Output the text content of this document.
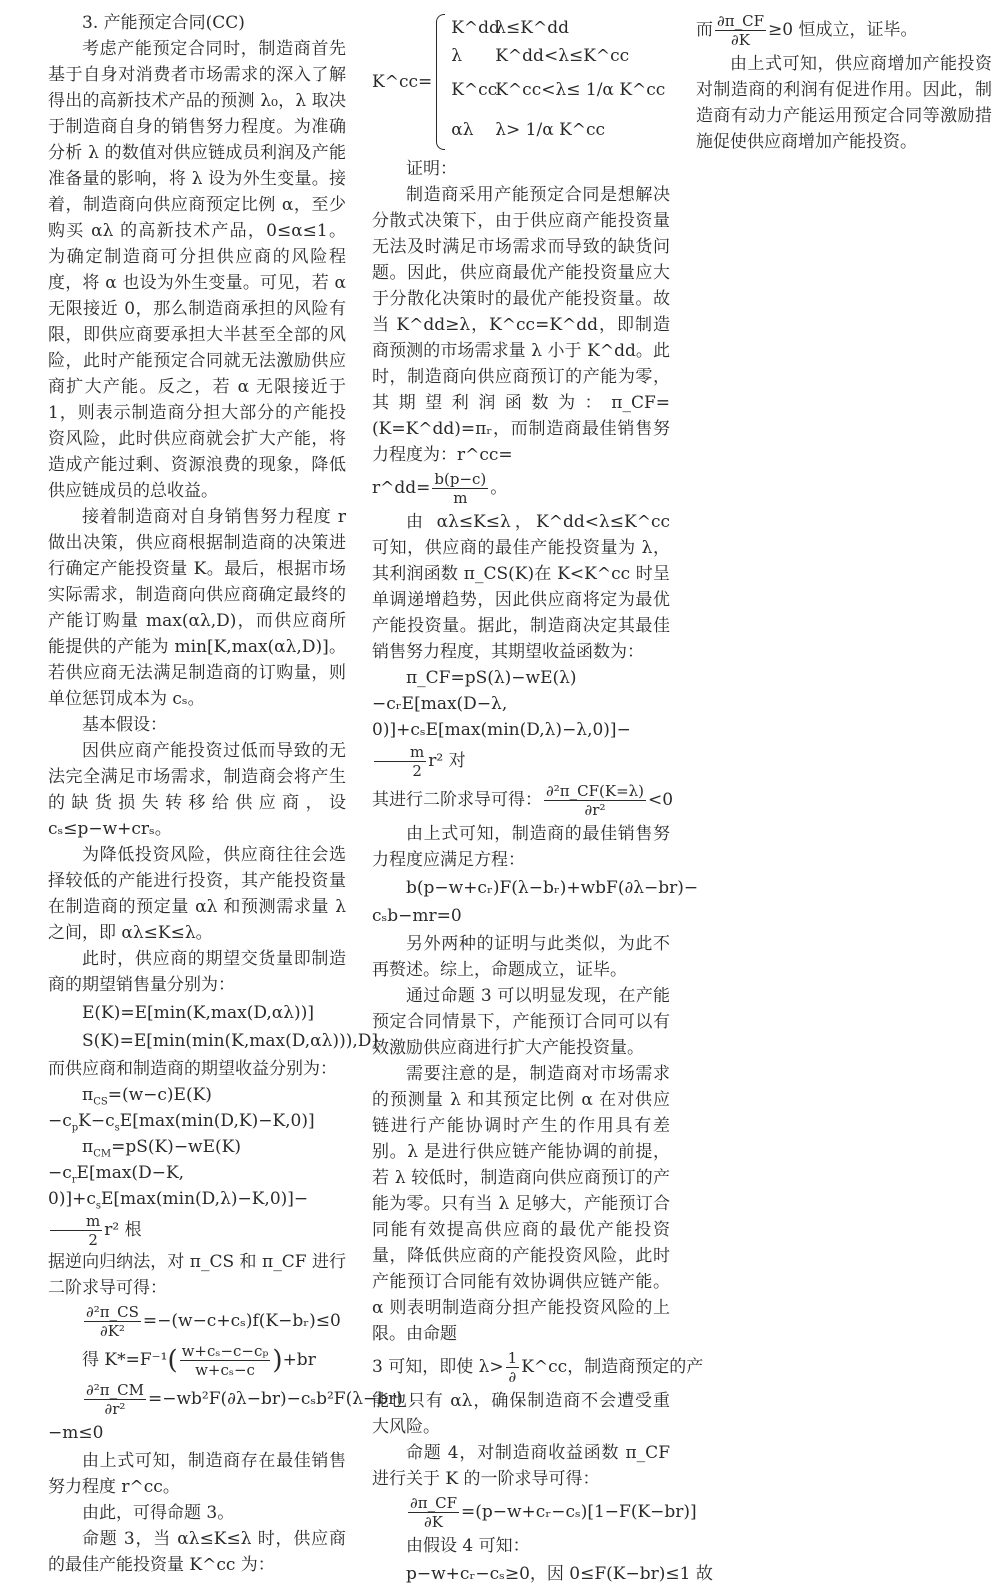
3. 产能预定合同(CC)

考虑产能预定合同时，制造商首先基于自身对消费者市场需求的深入了解得出的高新技术产品的预测 λ₀，λ 取决于制造商自身的销售努力程度。为准确分析 λ 的数值对供应链成员利润及产能准备量的影响，将 λ 设为外生变量。接着，制造商向供应商预定比例 α，至少购买 αλ 的高新技术产品，0≤α≤1。为确定制造商可分担供应商的风险程度，将 α 也设为外生变量。可见，若 α 无限接近 0，那么制造商承担的风险有限，即供应商要承担大半甚至全部的风险，此时产能预定合同就无法激励供应商扩大产能。反之，若 α 无限接近于 1，则表示制造商分担大部分的产能投资风险，此时供应商就会扩大产能，将造成产能过剩、资源浪费的现象，降低供应链成员的总收益。

接着制造商对自身销售努力程度 r 做出决策，供应商根据制造商的决策进行确定产能投资量 K。最后，根据市场实际需求，制造商向供应商确定最终的产能订购量 max(αλ,D)，而供应商所能提供的产能为 min[K,max(αλ,D)]。若供应商无法满足制造商的订购量，则单位惩罚成本为 cₛ。

基本假设：

因供应商产能投资过低而导致的无法完全满足市场需求，制造商会将产生的缺货损失转移给供应商，设 cₛ≤p−w+crₛ。

为降低投资风险，供应商往往会选择较低的产能进行投资，其产能投资量在制造商的预定量 αλ 和预测需求量 λ 之间，即 αλ≤K≤λ。

此时，供应商的期望交货量即制造商的期望销售量分别为：

E(K)=E[min(K,max(D,αλ))]

S(K)=E[min(min(K,max(D,αλ))),D]

而供应商和制造商的期望收益分别为：

$\pi_{CS}=(w-c)E(K)-c_pK-c_sE[\max(\min(D,K)-K,0)]$

$\pi_{CM}=pS(K)-wE(K)-c_rE[\max(D-K$,
$0)]+c_sE[\max(\min(D,\lambda)-K,0)]-$
$\frac{m}{2} r^2$ 根

据逆向归纳法，对 π_CS 和 π_CF 进行二阶求导可得：

$\frac{\text{∂²π\_CS}}{\text{∂K²}}$ =−(w−c+cₛ)f(K−bᵣ)≤0

得 $K*=F^{-1}( \frac{\text{w+cₛ−c−cₚ}}{\text{w+cₛ−c}} )+br$

$\frac{\text{∂²π\_CM}}{\text{∂r²}} =-wb^2F(\partial\lambda-br)-c_sb^2F(\lambda-br)$

−m≤0

由上式可知，制造商存在最佳销售努力程度 r^cc。

由此，可得命题 3。

命题 3，当 αλ≤K≤λ 时，供应商的最佳产能投资量 K^cc 为：

K^cc=
K^dd
λ≤K^dd
λ	K^dd<λ≤K^cc
K^cc
K^cc<λ≤ 1/α K^cc
αλ	λ> 1/α K^cc

证明：

制造商采用产能预定合同是想解决分散式决策下，由于供应商产能投资量无法及时满足市场需求而导致的缺货问题。因此，供应商最优产能投资量应大于分散化决策时的最优产能投资量。故当 K^dd≥λ，K^cc=K^dd，即制造商预测的市场需求量 λ 小于 K^dd。此时，制造商向供应商预订的产能为零，其期望利润函数为：π_CF=(K=K^dd)=πᵣ，而制造商最佳销售努力程度为：r^cc=

r^dd= $\frac{b(p-c)}{m}$ 。

由 αλ≤K≤λ，K^dd<λ≤K^cc 可知，供应商的最佳产能投资量为 λ，其利润函数 π_CS(K)在 K<K^cc 时呈单调递增趋势，因此供应商将定为最优产能投资量。据此，制造商决定其最佳销售努力程度，其期望收益函数为：

π_CF=pS(λ)−wE(λ)−cᵣE[max(D−λ,
0)]+cₛE[max(min(D,λ)−λ,0)]−
$\frac{m}{2} r^2$ 对

其进行二阶求导可得： $\frac{\text{∂²π\_CF(K=λ)}}{\text{∂r²}} <0$

由上式可知，制造商的最佳销售努力程度应满足方程：

b(p−w+cᵣ)F(λ−bᵣ)+wbF(∂λ−br)−

cₛb−mr=0

另外两种的证明与此类似，为此不再赘述。综上，命题成立，证毕。

通过命题 3 可以明显发现，在产能预定合同情景下，产能预订合同可以有效激励供应商进行扩大产能投资量。

需要注意的是，制造商对市场需求的预测量 λ 和其预定比例 α 在对供应链进行产能协调时产生的作用具有差别。λ 是进行供应链产能协调的前提，若 λ 较低时，制造商向供应商预订的产能为零。只有当 λ 足够大，产能预订合同能有效提高供应商的最优产能投资量，降低供应商的产能投资风险，此时产能预订合同能有效协调供应链产能。α 则表明制造商分担产能投资风险的上限。由命题

3 可知，即使 $\lambda> \frac{1}{\partial}$ K^cc，制造商预定的产

能也只有 αλ，确保制造商不会遭受重大风险。

命题 4，对制造商收益函数 π_CF 进行关于 K 的一阶求导可得：

$\frac{\partial\pi\_CF}{\partial K}$ =(p−w+cᵣ−cₛ)[1−F(K−br)]

由假设 4 可知：

p−w+cᵣ−cₛ≥0，因 0≤F(K−br)≤1 故

而 $\frac{\partial\pi\_CF}{\partial K} \ge 0$ 恒成立，证毕。

由上式可知，供应商增加产能投资对制造商的利润有促进作用。因此，制造商有动力产能运用预定合同等激励措施促使供应商增加产能投资。
